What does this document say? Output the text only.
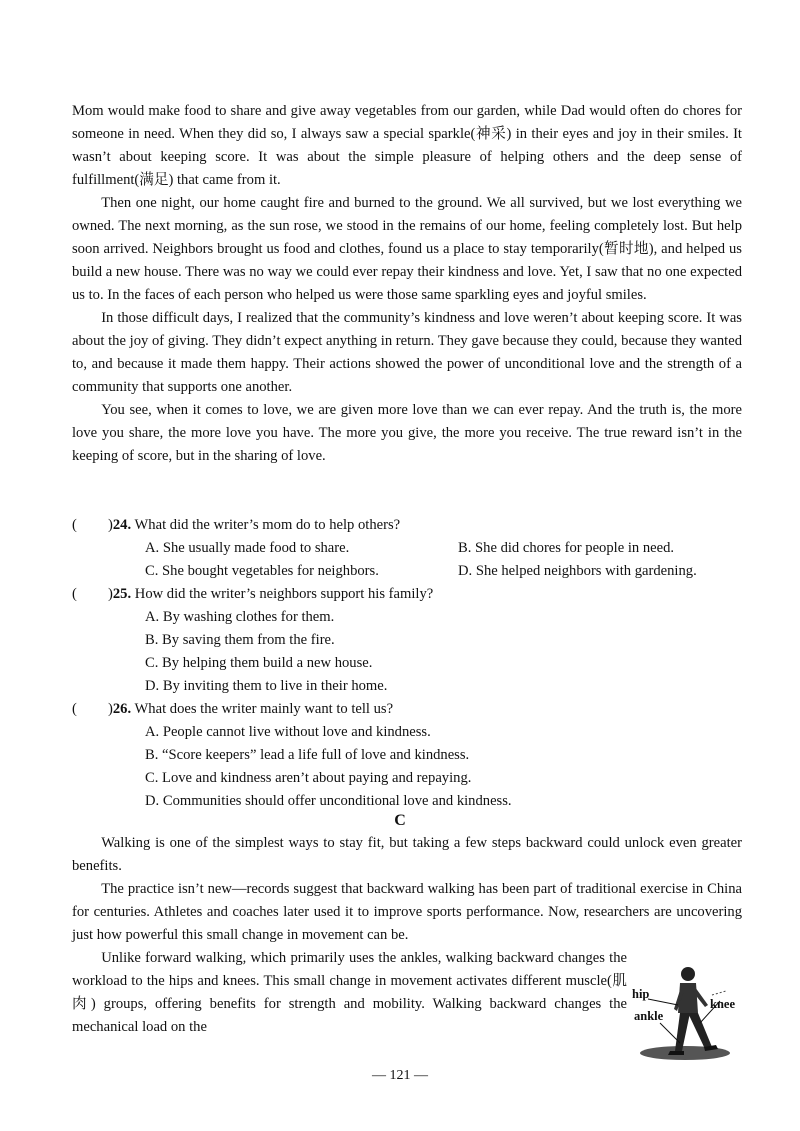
Mom would make food to share and give away vegetables from our garden, while Dad would often do chores for someone in need. When they did so, I always saw a special sparkle(神采) in their eyes and joy in their smiles. It wasn’t about keeping score. It was about the simple pleasure of helping others and the deep sense of fulfillment(满足) that came from it.

Then one night, our home caught fire and burned to the ground. We all survived, but we lost everything we owned. The next morning, as the sun rose, we stood in the remains of our home, feeling completely lost. But help soon arrived. Neighbors brought us food and clothes, found us a place to stay temporarily(暂时地), and helped us build a new house. There was no way we could ever repay their kindness and love. Yet, I saw that no one expected us to. In the faces of each person who helped us were those same sparkling eyes and joyful smiles.

In those difficult days, I realized that the community’s kindness and love weren’t about keeping score. It was about the joy of giving. They didn’t expect anything in return. They gave because they could, because they wanted to, and because it made them happy. Their actions showed the power of unconditional love and the strength of a community that supports one another.

You see, when it comes to love, we are given more love than we can ever repay. And the truth is, the more love you share, the more love you have. The more you give, the more you receive. The true reward isn’t in the keeping of score, but in the sharing of love.

(	)24. What did the writer’s mom do to help others?
A. She usually made food to share.	B. She did chores for people in need.
C. She bought vegetables for neighbors.	D. She helped neighbors with gardening.
(	)25. How did the writer’s neighbors support his family?
A. By washing clothes for them.
B. By saving them from the fire.
C. By helping them build a new house.
D. By inviting them to live in their home.
(	)26. What does the writer mainly want to tell us?
A. People cannot live without love and kindness.
B. “Score keepers” lead a life full of love and kindness.
C. Love and kindness aren’t about paying and repaying.
D. Communities should offer unconditional love and kindness.
C

Walking is one of the simplest ways to stay fit, but taking a few steps backward could unlock even greater benefits.

The practice isn’t new—records suggest that backward walking has been part of traditional exercise in China for centuries. Athletes and coaches later used it to improve sports performance. Now, researchers are uncovering just how powerful this small change in movement can be.

Unlike forward walking, which primarily uses the ankles, walking backward changes the workload to the hips and knees. This small change in movement activates different muscle(肌肉) groups, offering benefits for strength and mobility. Walking backward changes the mechanical load on the

hip
knee
ankle
— 121 —
